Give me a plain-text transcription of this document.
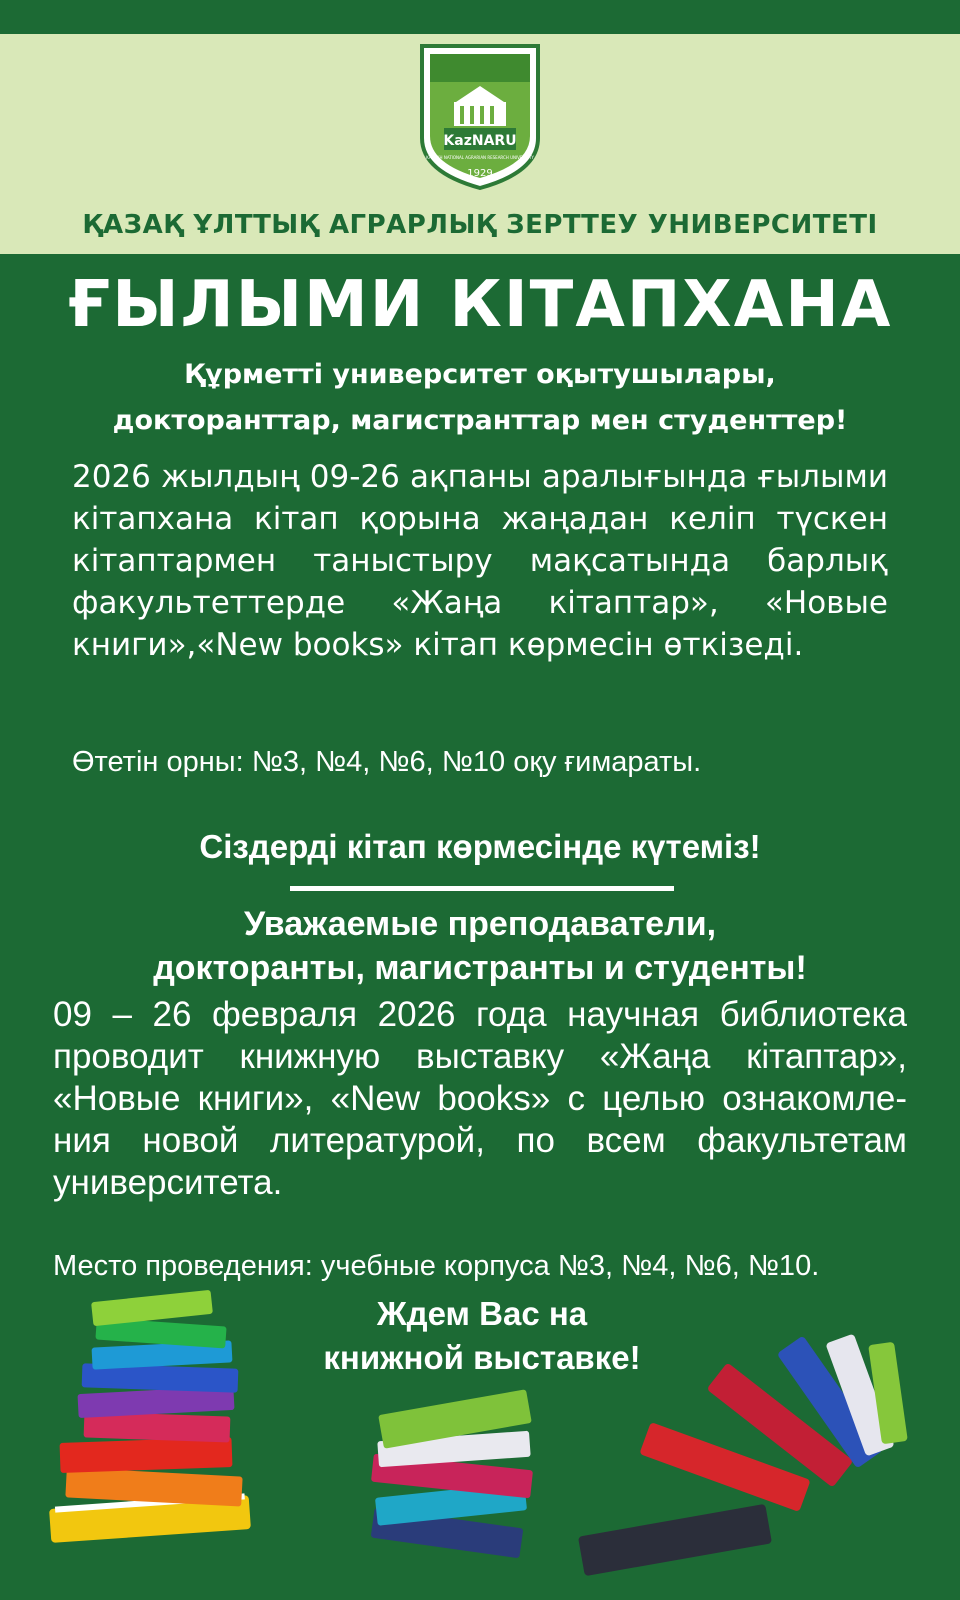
KazNARU
KAZAKH NATIONAL AGRARIAN RESEARCH UNIVERSITY
1929
ҚАЗАҚ ҰЛТТЫҚ АГРАРЛЫҚ ЗЕРТТЕУ УНИВЕРСИТЕТІ
ҒЫЛЫМИ КІТАПХАНА
Құрметті университет оқытушылары,
докторанттар, магистранттар мен студенттер!
2026 жылдың 09-26 ақпаны аралығында ғылыми кітапхана кітап қорына жаңадан келіп түскен кітаптармен таныстыру мақсатында барлық факультеттерде «Жаңа кітаптар», «Новые книги»,«New books» кітап көрмесін өткізеді.
Өтетін орны: №3, №4, №6, №10 оқу ғимараты.
Сіздерді кітап көрмесінде күтеміз!
Уважаемые преподаватели,
докторанты, магистранты и студенты!
09 – 26 февраля 2026 года научная библиотека проводит книжную выставку «Жаңа кітаптар», «Новые книги», «New books» с целью ознакомле-ния новой литературой, по всем факультетам университета.
Место проведения: учебные корпуса №3, №4, №6, №10.
Ждем Вас на
книжной выставке!
